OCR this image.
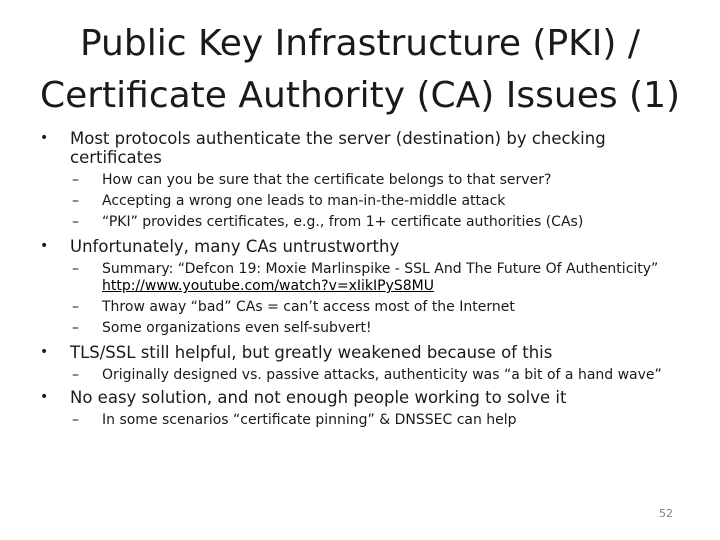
Public Key Infrastructure (PKI) / Certificate Authority (CA) Issues (1)
• Most protocols authenticate the server (destination) by checking certificates
– How can you be sure that the certificate belongs to that server?
– Accepting a wrong one leads to man-in-the-middle attack
– “PKI” provides certificates, e.g., from 1+ certificate authorities (CAs)
• Unfortunately, many CAs untrustworthy
– Summary: “Defcon 19: Moxie Marlinspike - SSL And The Future Of Authenticity” http://www.youtube.com/watch?v=xIikIPyS8MU
– Throw away “bad” CAs = can’t access most of the Internet
– Some organizations even self-subvert!
• TLS/SSL still helpful, but greatly weakened because of this
– Originally designed vs. passive attacks, authenticity was “a bit of a hand wave”
• No easy solution, and not enough people working to solve it
– In some scenarios “certificate pinning” & DNSSEC can help
52
